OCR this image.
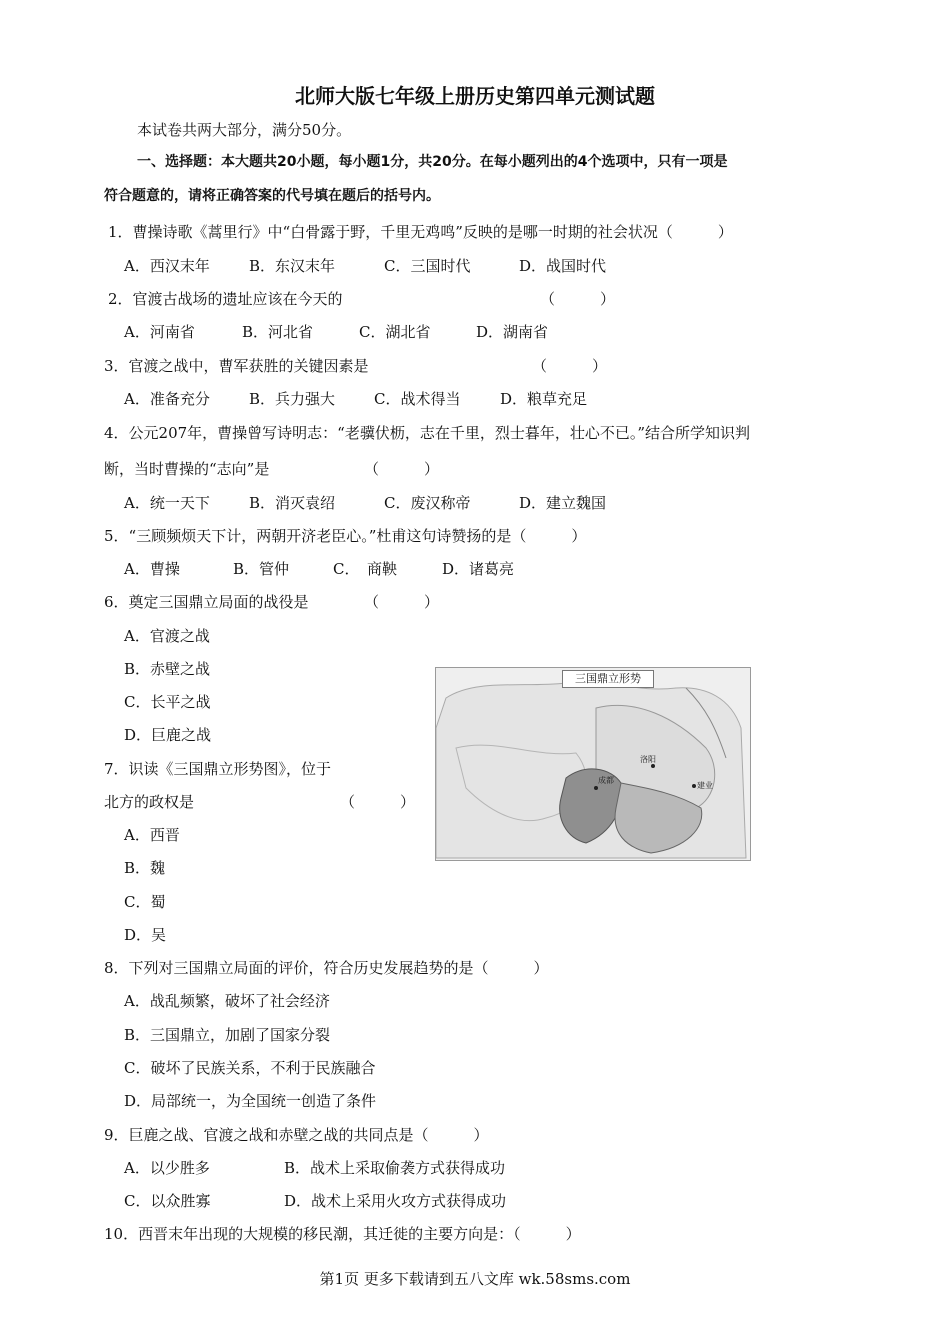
北师大版七年级上册历史第四单元测试题
本试卷共两大部分，满分50分。
一、选择题：本大题共20小题，每小题1分，共20分。在每小题列出的4个选项中，只有一项是
符合题意的，请将正确答案的代号填在题后的括号内。
1．曹操诗歌《蒿里行》中“白骨露于野，千里无鸡鸣”反映的是哪一时期的社会状况（　　　）
A．西汉末年	B．东汉末年	C．三国时代	D．战国时代
2．官渡古战场的遗址应该在今天的	（　　　）
A．河南省	B．河北省	C．湖北省	D．湖南省
3．官渡之战中，曹军获胜的关键因素是	（　　　）
A．准备充分	B．兵力强大	C．战术得当	D．粮草充足
4．公元207年，曹操曾写诗明志：“老骥伏枥，志在千里，烈士暮年，壮心不已。”结合所学知识判
断，当时曹操的“志向”是	（　　　）
A．统一天下	B．消灭袁绍	C．废汉称帝	D．建立魏国
5．“三顾频烦天下计，两朝开济老臣心。”杜甫这句诗赞扬的是（　　　）
A．曹操	B．管仲	C．　商鞅	D．诸葛亮
6．奠定三国鼎立局面的战役是	（　　　）
A．官渡之战
B．赤壁之战
C．长平之战
D．巨鹿之战
三国鼎立形势
成都
洛阳
建业
7．识读《三国鼎立形势图》，位于
北方的政权是	（　　　）
A．西晋
B．魏
C．蜀
D．吴
8．下列对三国鼎立局面的评价，符合历史发展趋势的是（　　　）
A．战乱频繁，破坏了社会经济
B．三国鼎立，加剧了国家分裂
C．破坏了民族关系，不利于民族融合
D．局部统一，为全国统一创造了条件
9．巨鹿之战、官渡之战和赤壁之战的共同点是（　　　）
A．以少胜多	B．战术上采取偷袭方式获得成功
C．以众胜寡	D．战术上采用火攻方式获得成功
10．西晋末年出现的大规模的移民潮，其迁徙的主要方向是：（　　　）
第1页 更多下载请到五八文库 wk.58sms.com
